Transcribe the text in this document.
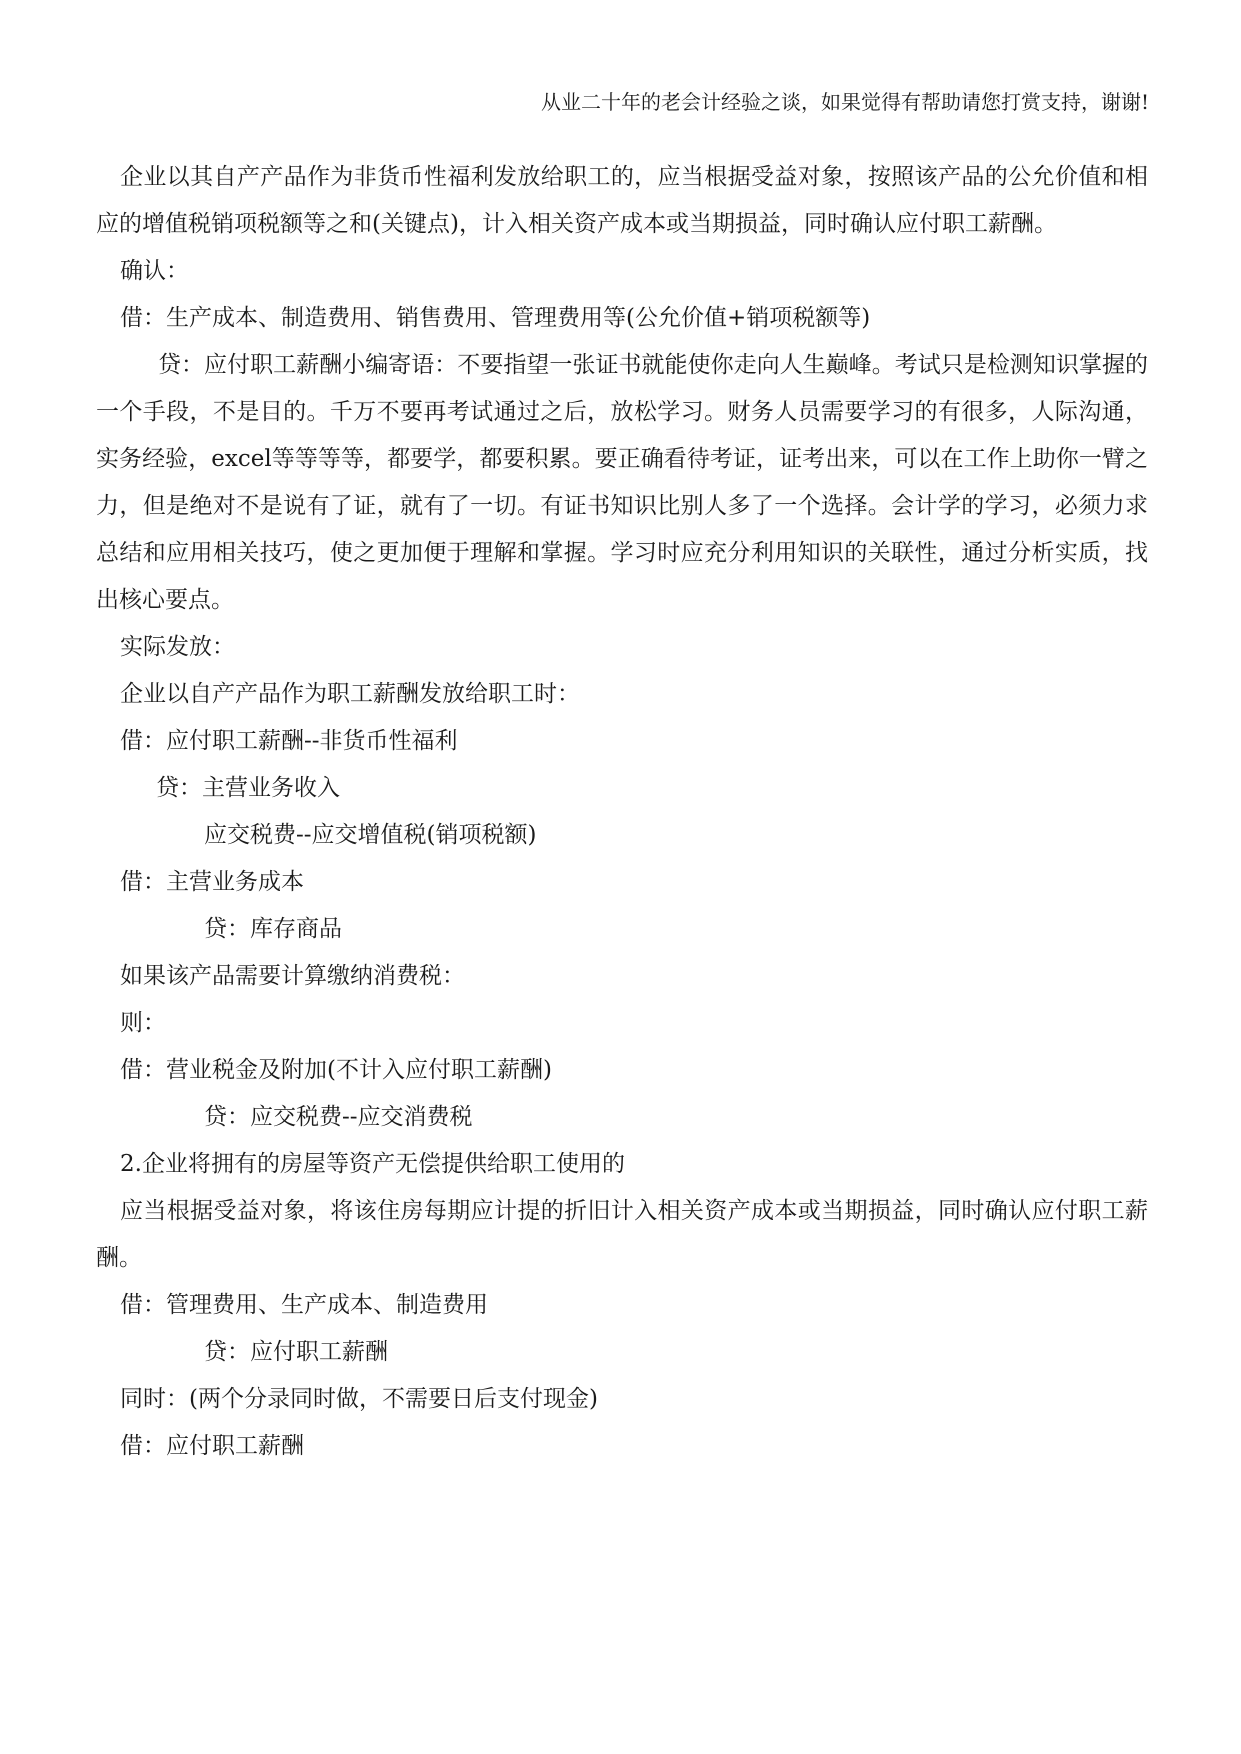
从业二十年的老会计经验之谈，如果觉得有帮助请您打赏支持，谢谢!

企业以其自产产品作为非货币性福利发放给职工的，应当根据受益对象，按照该产品的公允价值和相应的增值税销项税额等之和(关键点)，计入相关资产成本或当期损益，同时确认应付职工薪酬。

确认：

借：生产成本、制造费用、销售费用、管理费用等(公允价值+销项税额等)

贷：应付职工薪酬小编寄语：不要指望一张证书就能使你走向人生巅峰。考试只是检测知识掌握的一个手段，不是目的。千万不要再考试通过之后，放松学习。财务人员需要学习的有很多，人际沟通，实务经验，excel等等等等，都要学，都要积累。要正确看待考证，证考出来，可以在工作上助你一臂之力，但是绝对不是说有了证，就有了一切。有证书知识比别人多了一个选择。会计学的学习，必须力求总结和应用相关技巧，使之更加便于理解和掌握。学习时应充分利用知识的关联性，通过分析实质，找出核心要点。

实际发放：

企业以自产产品作为职工薪酬发放给职工时：

借：应付职工薪酬--非货币性福利

贷：主营业务收入

应交税费--应交增值税(销项税额)

借：主营业务成本

贷：库存商品

如果该产品需要计算缴纳消费税：

则：

借：营业税金及附加(不计入应付职工薪酬)

贷：应交税费--应交消费税

2.企业将拥有的房屋等资产无偿提供给职工使用的

应当根据受益对象，将该住房每期应计提的折旧计入相关资产成本或当期损益，同时确认应付职工薪酬。

借：管理费用、生产成本、制造费用

贷：应付职工薪酬

同时：(两个分录同时做，不需要日后支付现金)

借：应付职工薪酬
